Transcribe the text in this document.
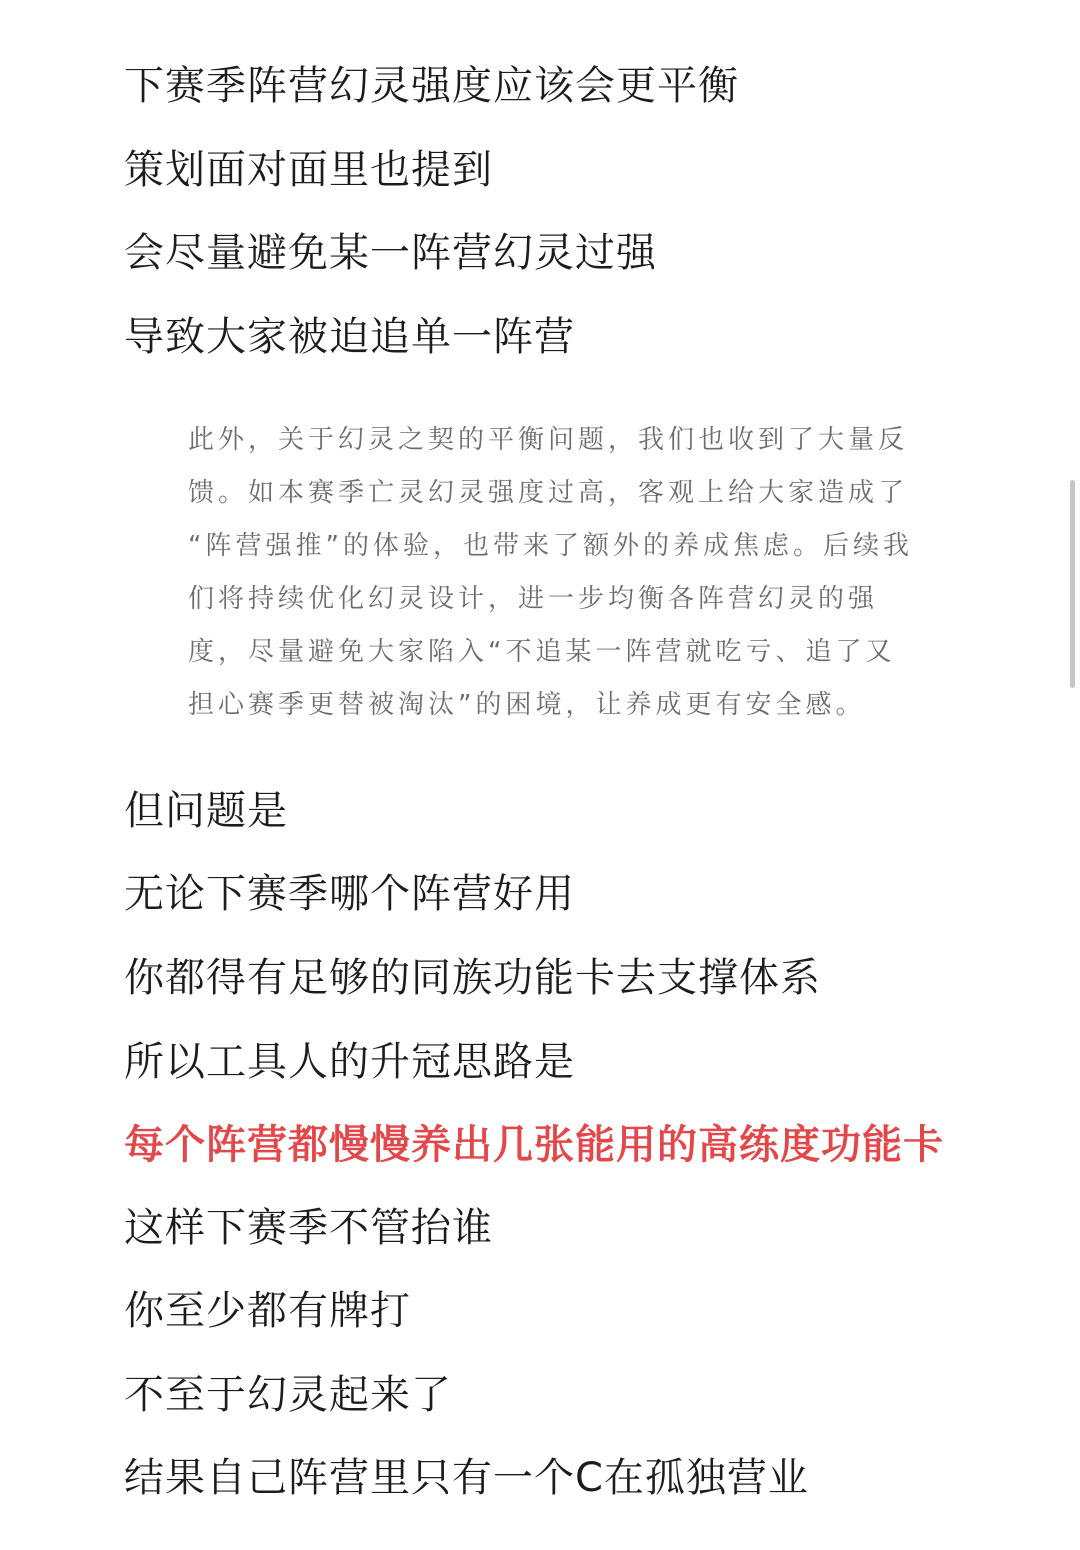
下赛季阵营幻灵强度应该会更平衡
策划面对面里也提到
会尽量避免某一阵营幻灵过强
导致大家被迫追单一阵营
此外，关于幻灵之契的平衡问题，我们也收到了大量反
馈。如本赛季亡灵幻灵强度过高，客观上给大家造成了
“阵营强推”的体验，也带来了额外的养成焦虑。后续我
们将持续优化幻灵设计，进一步均衡各阵营幻灵的强
度，尽量避免大家陷入“不追某一阵营就吃亏、追了又
担心赛季更替被淘汰”的困境，让养成更有安全感。
但问题是
无论下赛季哪个阵营好用
你都得有足够的同族功能卡去支撑体系
所以工具人的升冠思路是
每个阵营都慢慢养出几张能用的高练度功能卡
这样下赛季不管抬谁
你至少都有牌打
不至于幻灵起来了
结果自己阵营里只有一个C在孤独营业
